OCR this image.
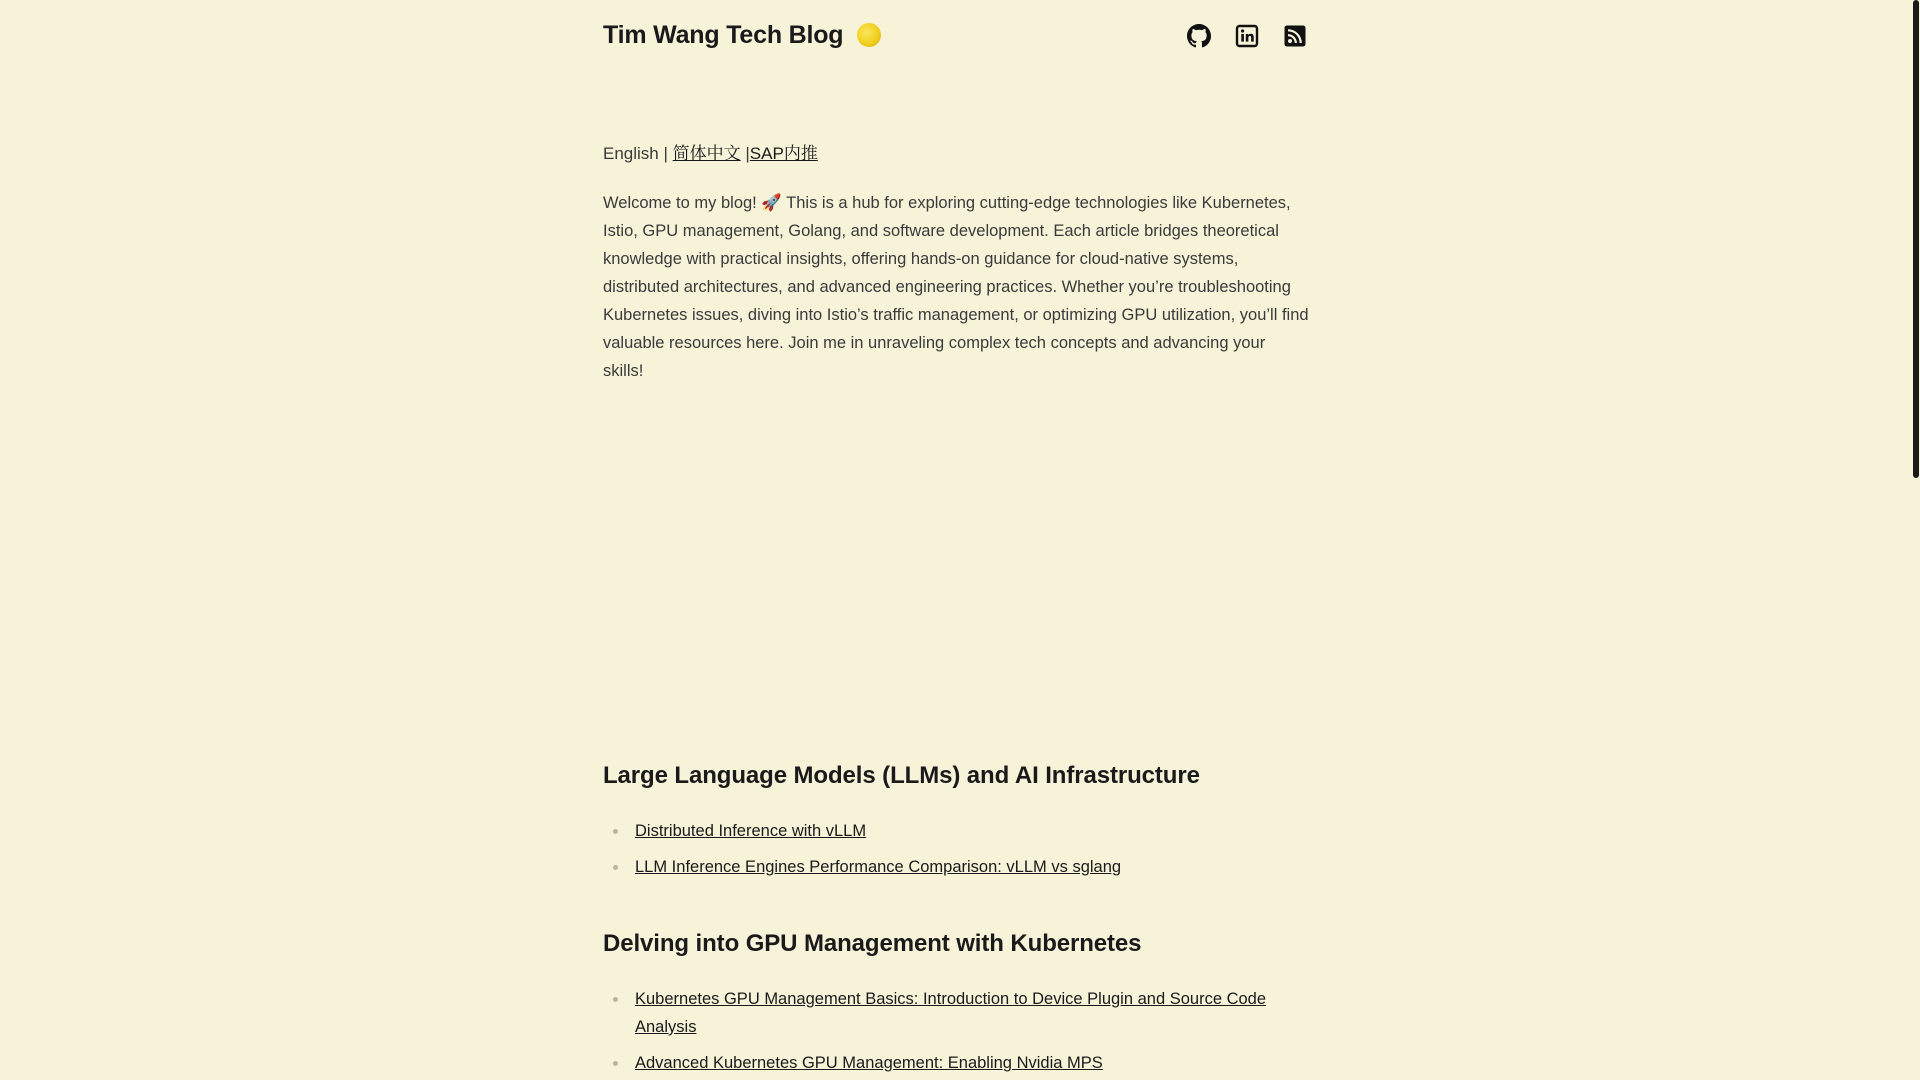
Tim Wang Tech Blog
English | 简体中文 |SAP内推

Welcome to my blog! 🚀 This is a hub for exploring cutting-edge technologies like Kubernetes, Istio, GPU management, Golang, and software development. Each article bridges theoretical knowledge with practical insights, offering hands-on guidance for cloud-native systems, distributed architectures, and advanced engineering practices. Whether you’re troubleshooting Kubernetes issues, diving into Istio’s traffic management, or optimizing GPU utilization, you’ll find valuable resources here. Join me in unraveling complex tech concepts and advancing your skills!

Large Language Models (LLMs) and AI Infrastructure
Distributed Inference with vLLM
LLM Inference Engines Performance Comparison: vLLM vs sglang
Delving into GPU Management with Kubernetes
Kubernetes GPU Management Basics: Introduction to Device Plugin and Source Code Analysis
Advanced Kubernetes GPU Management: Enabling Nvidia MPS
